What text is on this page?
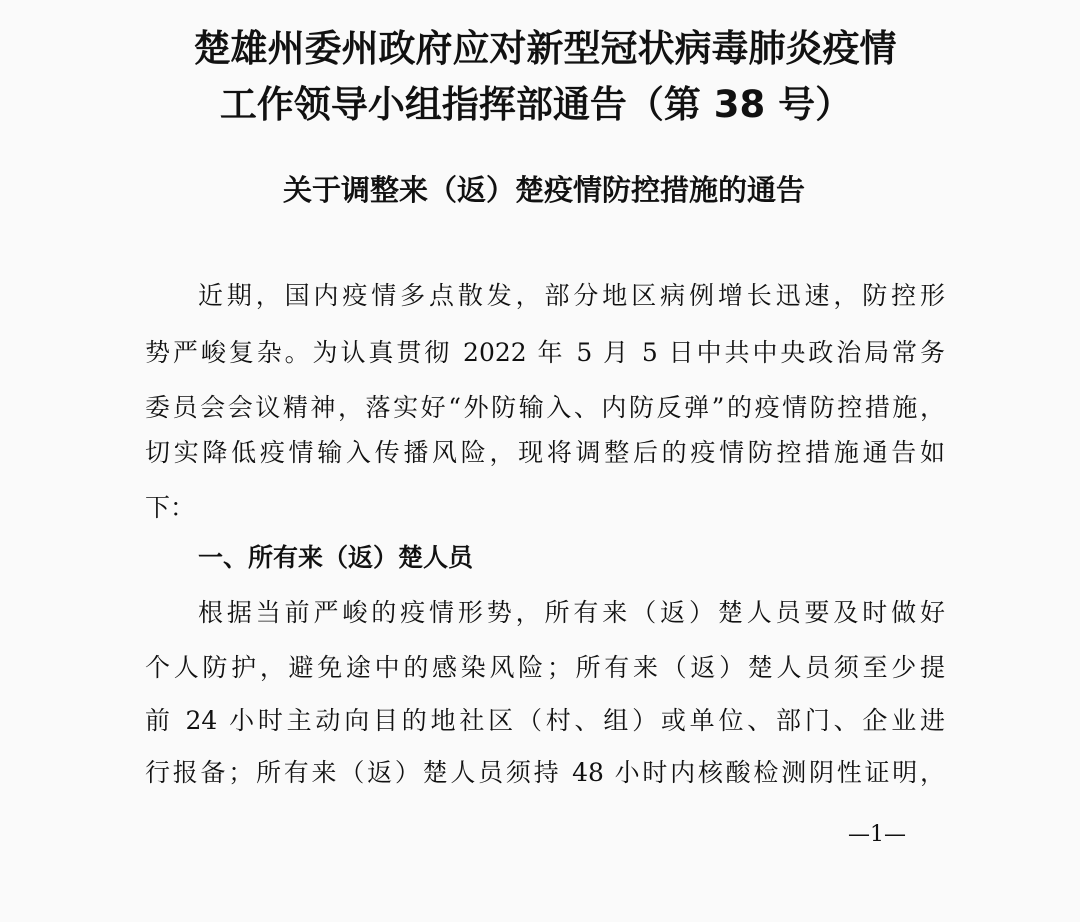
楚雄州委州政府应对新型冠状病毒肺炎疫情
工作领导小组指挥部通告（第 38 号）
关于调整来（返）楚疫情防控措施的通告
近期，国内疫情多点散发，部分地区病例增长迅速，防控形
势严峻复杂。为认真贯彻 2022 年 5 月 5 日中共中央政治局常务
委员会会议精神，落实好“外防输入、内防反弹”的疫情防控措施，
切实降低疫情输入传播风险，现将调整后的疫情防控措施通告如
下：
一、所有来（返）楚人员
根据当前严峻的疫情形势，所有来（返）楚人员要及时做好
个人防护，避免途中的感染风险；所有来（返）楚人员须至少提
前 24 小时主动向目的地社区（村、组）或单位、部门、企业进
行报备；所有来（返）楚人员须持 48 小时内核酸检测阴性证明，
—1—
